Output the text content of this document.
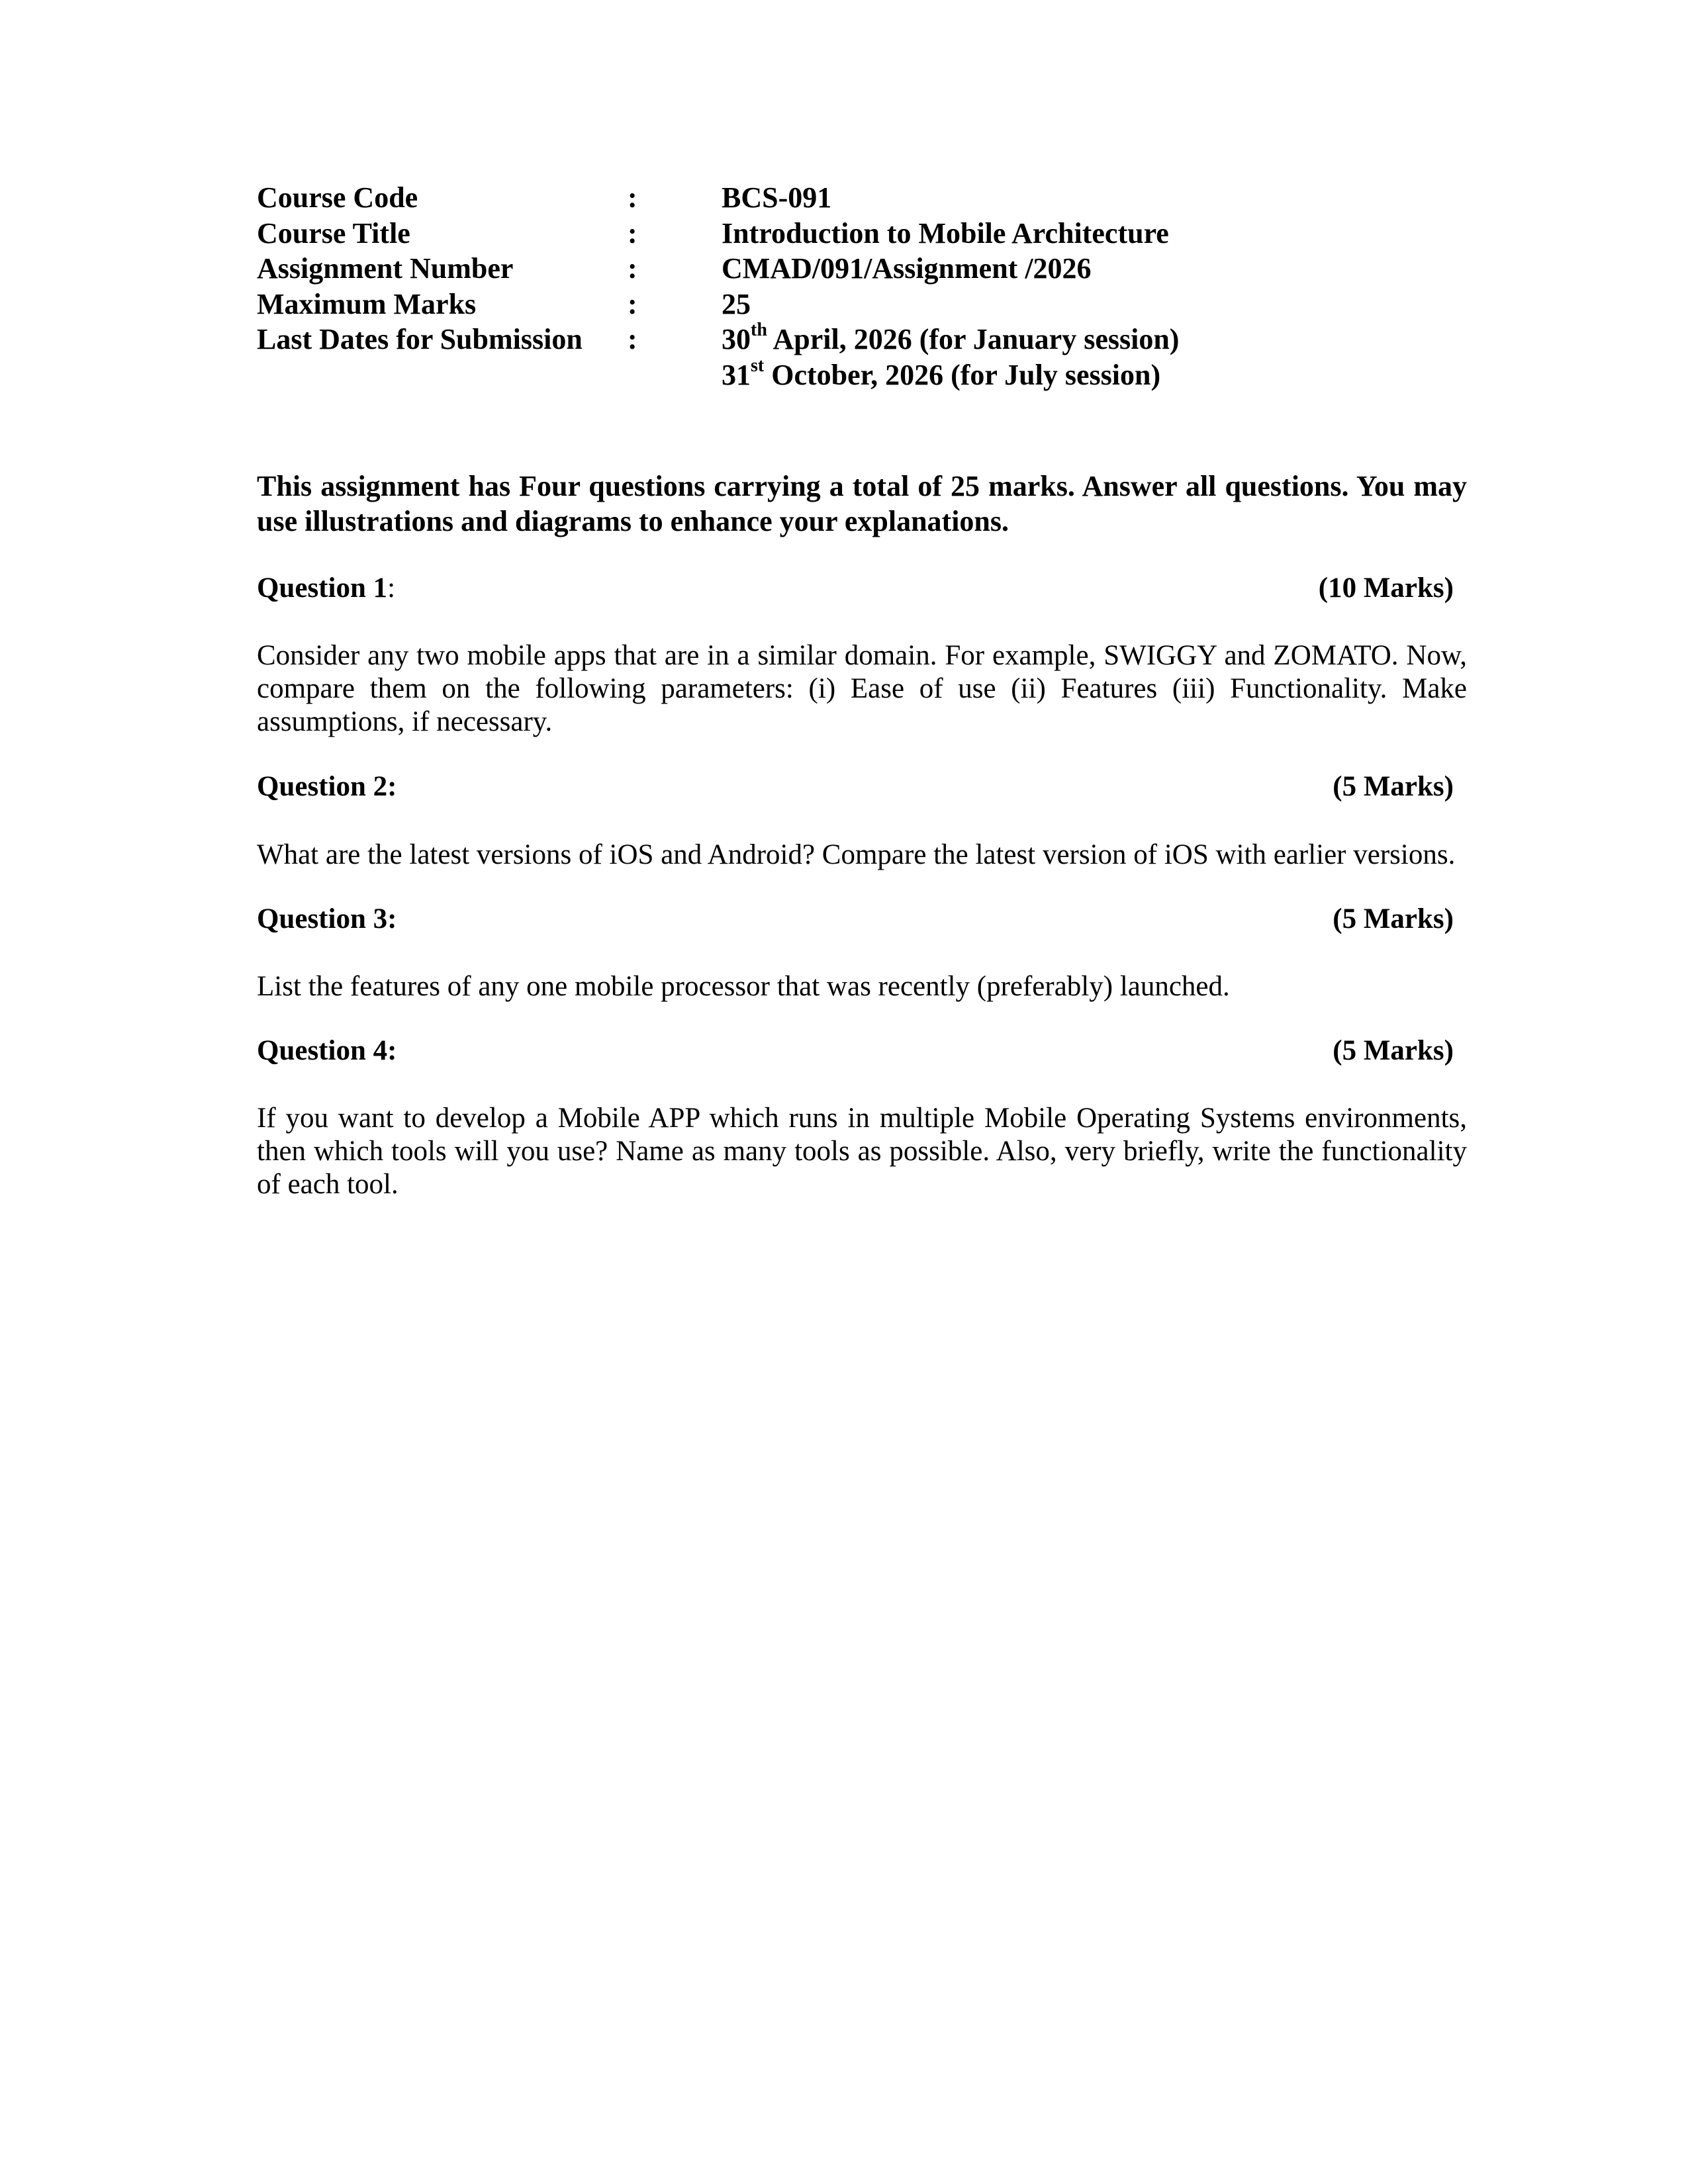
Course Code	:	BCS-091
Course Title	:	Introduction to Mobile Architecture
Assignment Number	:	CMAD/091/Assignment /2026
Maximum Marks	:	25
Last Dates for Submission :	30th April, 2026 (for January session)
31st October, 2026 (for July session)

This assignment has Four questions carrying a total of 25 marks. Answer all questions. You may use illustrations and diagrams to enhance your explanations.

Question 1:	(10 Marks)

Consider any two mobile apps that are in a similar domain. For example, SWIGGY and ZOMATO. Now, compare them on the following parameters: (i) Ease of use (ii) Features (iii) Functionality. Make assumptions, if necessary.

Question 2:	(5 Marks)

What are the latest versions of iOS and Android? Compare the latest version of iOS with earlier versions.

Question 3:	(5 Marks)

List the features of any one mobile processor that was recently (preferably) launched.

Question 4:	(5 Marks)

If you want to develop a Mobile APP which runs in multiple Mobile Operating Systems environments, then which tools will you use? Name as many tools as possible. Also, very briefly, write the functionality of each tool.
